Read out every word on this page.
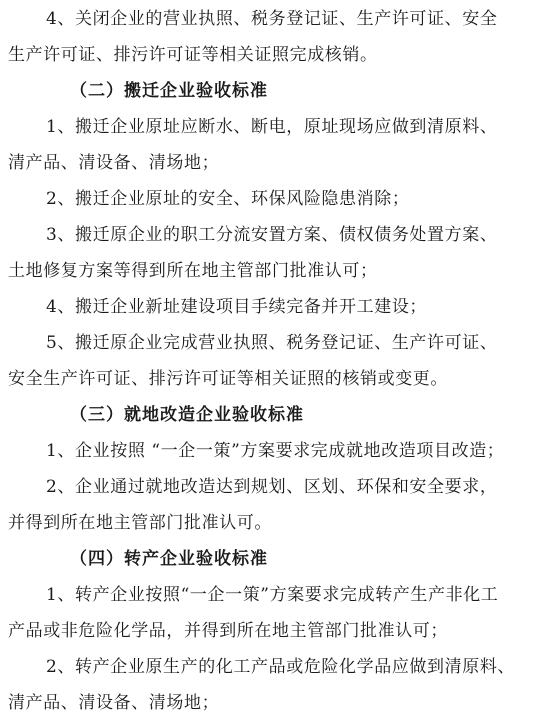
4、关闭企业的营业执照、税务登记证、生产许可证、安全
生产许可证、排污许可证等相关证照完成核销。
（二）搬迁企业验收标准
1、搬迁企业原址应断水、断电，原址现场应做到清原料、
清产品、清设备、清场地；
2、搬迁企业原址的安全、环保风险隐患消除；
3、搬迁原企业的职工分流安置方案、债权债务处置方案、
土地修复方案等得到所在地主管部门批准认可；
4、搬迁企业新址建设项目手续完备并开工建设；
5、搬迁原企业完成营业执照、税务登记证、生产许可证、
安全生产许可证、排污许可证等相关证照的核销或变更。
（三）就地改造企业验收标准
1、企业按照 “一企一策”方案要求完成就地改造项目改造；
2、企业通过就地改造达到规划、区划、环保和安全要求，
并得到所在地主管部门批准认可。
（四）转产企业验收标准
1、转产企业按照“一企一策”方案要求完成转产生产非化工
产品或非危险化学品，并得到所在地主管部门批准认可；
2、转产企业原生产的化工产品或危险化学品应做到清原料、
清产品、清设备、清场地；
